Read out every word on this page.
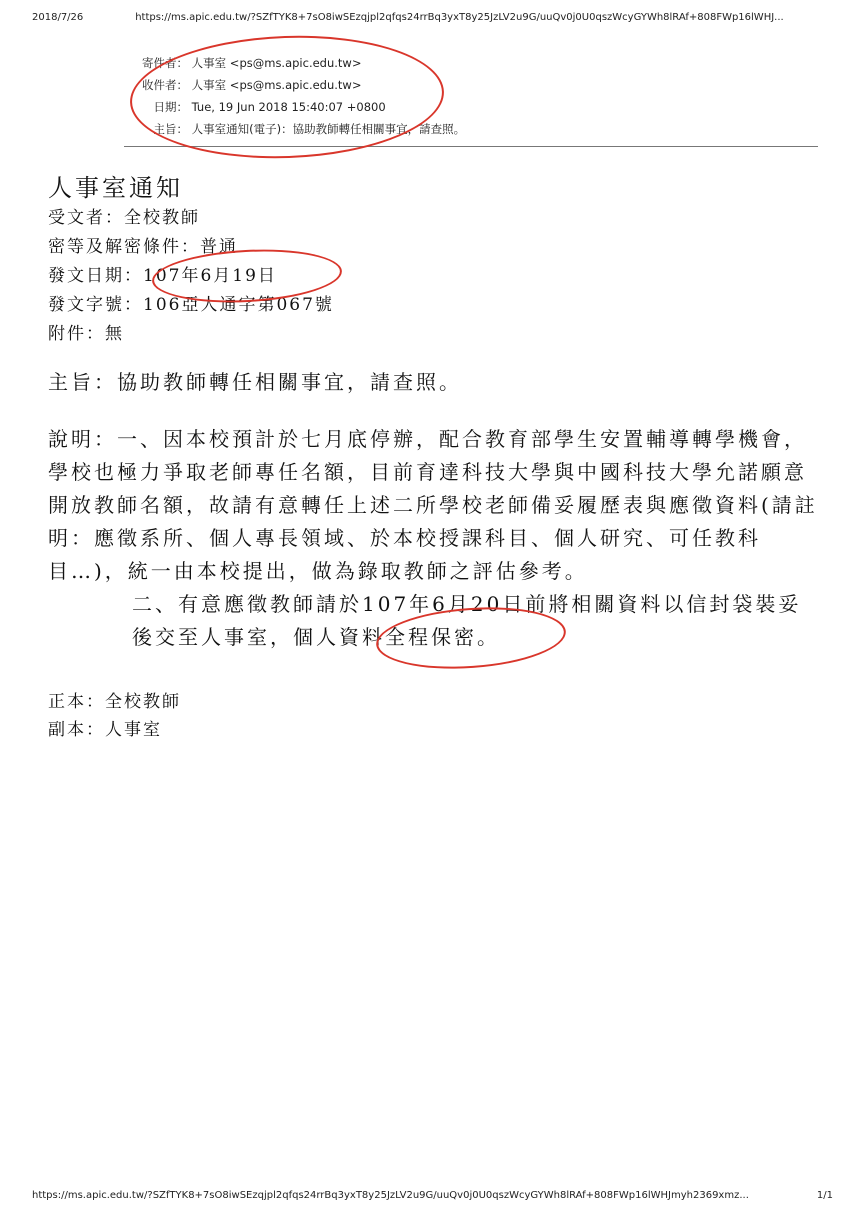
2018/7/26	https://ms.apic.edu.tw/?SZfTYK8+7sO8iwSEzqjpl2qfqs24rrBq3yxT8y25JzLV2u9G/uuQv0j0U0qszWcyGYWh8lRAf+808FWp16lWHJ...
寄件者： 人事室 <ps@ms.apic.edu.tw>
收件者： 人事室 <ps@ms.apic.edu.tw>
日期： Tue, 19 Jun 2018 15:40:07 +0800
主旨： 人事室通知(電子)：協助教師轉任相關事宜，請查照。
人事室通知
受文者：全校教師
密等及解密條件：普通
發文日期：107年6月19日
發文字號：106亞人通字第067號
附件：無
主旨：協助教師轉任相關事宜，請查照。
說明： 一、因本校預計於七月底停辦，配合教育部學生安置輔導轉學機會，學校也極力爭取老師專任名額，目前育達科技大學與中國科技大學允諾願意開放教師名額，故請有意轉任上述二所學校老師備妥履歷表與應徵資料(請註明：應徵系所、個人專長領域、於本校授課科目、個人研究、可任教科目…)，統一由本校提出，做為錄取教師之評估參考。
二、有意應徵教師請於107年6月20日前將相關資料以信封袋裝妥後交至人事室，個人資料全程保密。
正本：全校教師
副本：人事室
https://ms.apic.edu.tw/?SZfTYK8+7sO8iwSEzqjpl2qfqs24rrBq3yxT8y25JzLV2u9G/uuQv0j0U0qszWcyGYWh8lRAf+808FWp16lWHJmyh2369xmz...	1/1
